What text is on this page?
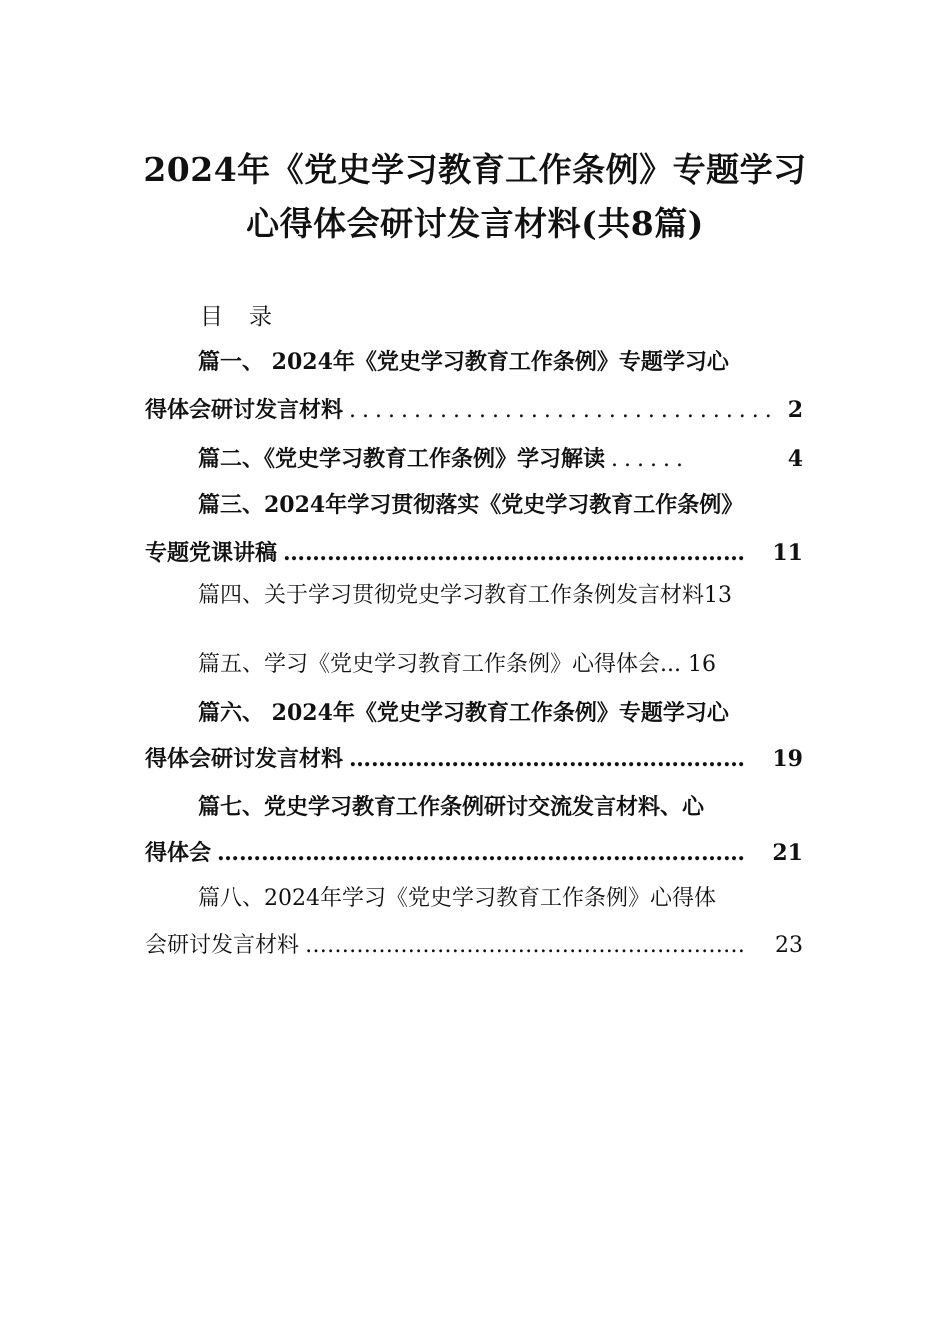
2024年《党史学习教育工作条例》专题学习
心得体会研讨发言材料(共8篇)
目录
篇一、 2024年《党史学习教育工作条例》专题学习心
得体会研讨发言材料 ................................. 2
篇二、《党史学习教育工作条例》学习解读 ......	4
篇三、2024年学习贯彻落实《党史学习教育工作条例》
专题党课讲稿 ………………………………………………………	11
篇四、关于学习贯彻党史学习教育工作条例发言材料13
篇五、学习《党史学习教育工作条例》心得体会... 16
篇六、 2024年《党史学习教育工作条例》专题学习心
得体会研讨发言材料 ………………………………………………	19
篇七、党史学习教育工作条例研讨交流发言材料、心
得体会 ………………………………………………………………	21
篇八、2024年学习《党史学习教育工作条例》心得体
会研讨发言材料 ……………………………………………………	23
